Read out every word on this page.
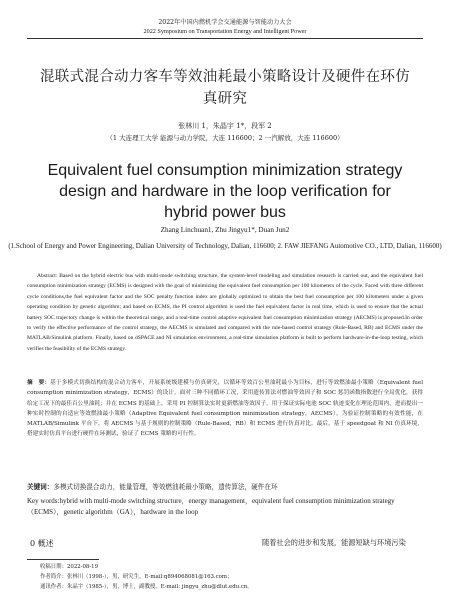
2022年中国内燃机学会交通能源与智能动力大会
2022 Symposium on Transportation Energy and Intelligent Power
混联式混合动力客车等效油耗最小策略设计及硬件在环仿真研究
张林川 1，朱晶宇 1*，段军 2
（1 大连理工大学 能源与动力学院，大连 116600；2 一汽解放，大连 116600）
Equivalent fuel consumption minimization strategy design and hardware in the loop verification for hybrid power bus
Zhang Linchuan1, Zhu Jingyu1*, Duan Jun2
(1.School of Energy and Power Engineering, Dalian University of Technology, Dalian, 116600; 2. FAW JIEFANG Automotive CO., LTD, Dalian, 116600)
Abstract: Based on the hybrid electric bus with multi-mode switching structure, the system-level modeling and simulation research is carried out, and the equivalent fuel consumption minimization strategy (ECMS) is designed with the goal of minimizing the equivalent fuel consumption per 100 kilometers of the cycle. Faced with three different cycle conditions,the fuel equivalent factor and the SOC penalty function index are globally optimized to obtain the best fuel consumption per 100 kilometers under a given operating condition by genetic algorithm; and based on ECMS, the PI control algorithm is used the fuel equivalent factor in real time, which is used to ensure that the actual battery SOC trajectory change is within the theoretical range, and a real-time control adaptive equivalent fuel consumption minimization strategy (AECMS) is proposed.In order to verify the effective performance of the control strategy, the AECMS is simulated and compared with the rule-based control strategy (Rule-Based, RB) and ECMS under the MATLAB/Simulink platform. Finally, based on dSPACE and NI simulation environment, a real-time simulation platform is built to perform hardware-in-the-loop testing, which verifies the feasibility of the ECMS strategy.
摘　要：基于多模式切换结构的混合动力客车，开展系统级建模与仿真研究，以循环等效百公里油耗最小为目标，进行等效燃油最小策略（Equivalent fuel consumption minimization strategy，ECMS）的设计。面对三种不同循环工况，采用遗传算法对燃油等效因子和 SOC 惩罚函数指数进行全局优化，获得给定工况下的最佳百公里油耗；并在 ECMS 的基础上，采用 PI 控制算法实时更新燃油等效因子，用于保证实际电池 SOC 轨迹变化在理论范围内，进而提出一种实时控制的自适应等效燃油最小策略（Adaptive Equivalent fuel consumption minimization strategy，AECMS）。为验证控制策略的有效性能，在 MATLAB/Simulink 平台下，将 AECMS 与基于规则的控制策略（Rule-Based，RB）和 ECMS 进行仿真对比。最后，基于 speedgoat 和 NI 仿真环境，搭建实时仿真平台进行硬件在环测试，验证了 ECMS 策略的可行性。
关键词：多模式切换混合动力，能量管理，等效燃油耗最小策略，遗传算法，硬件在环
Key words:hybrid with multi-mode switching structure，energy management，equivalent fuel consumption minimization strategy（ECMS），genetic algorithm（GA），hardware in the loop
0 概述	随着社会的进步和发展，能源短缺与环境污染
收稿日期：2022-08-19
作者简介：张林川（1998-），男，研究生，E-mail:q894068081@163.com；
通讯作者：朱晶宇（1985-），男，博士，副教授，E-mail: jingyu_zhu@dlut.edu.cn。
